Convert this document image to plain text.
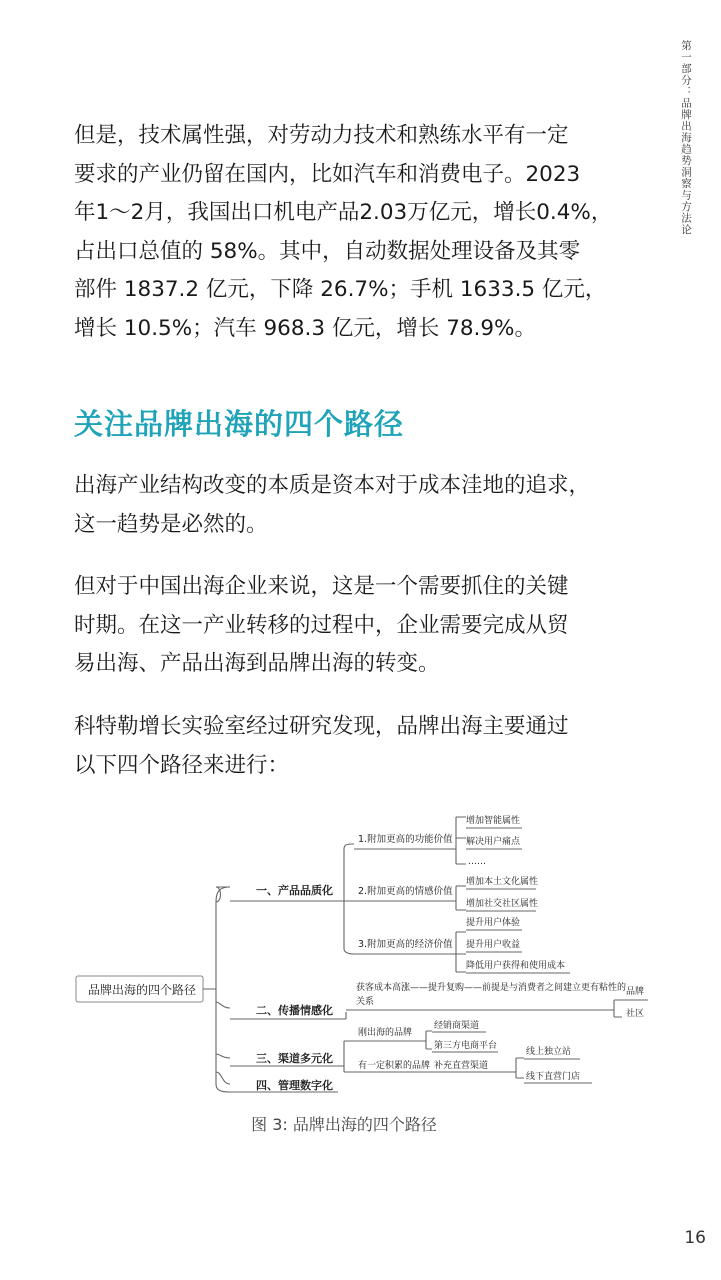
第一部分：品牌出海趋势洞察与方法论
但是，技术属性强，对劳动力技术和熟练水平有一定
要求的产业仍留在国内，比如汽车和消费电子。2023
年1～2月，我国出口机电产品2.03万亿元，增长0.4%，
占出口总值的 58%。其中，自动数据处理设备及其零
部件 1837.2 亿元，下降 26.7%；手机 1633.5 亿元，
增长 10.5%；汽车 968.3 亿元，增长 78.9%。
关注品牌出海的四个路径
出海产业结构改变的本质是资本对于成本洼地的追求，
这一趋势是必然的。
但对于中国出海企业来说，这是一个需要抓住的关键
时期。在这一产业转移的过程中，企业需要完成从贸
易出海、产品出海到品牌出海的转变。
科特勒增长实验室经过研究发现，品牌出海主要通过
以下四个路径来进行：
品牌出海的四个路径
一、产品品质化
1.附加更高的功能价值
增加智能属性
解决用户痛点
……
2.附加更高的情感价值
增加本土文化属性
增加社交社区属性
3.附加更高的经济价值
提升用户体验
提升用户收益
降低用户获得和使用成本
二、传播情感化
获客成本高涨——提升复购——前提是与消费者之间建立更有粘性的
关系
品牌
社区
三、渠道多元化
刚出海的品牌
经销商渠道
第三方电商平台
有一定积累的品牌 补充直营渠道
线上独立站
线下直营门店
四、管理数字化
图 3: 品牌出海的四个路径
16
